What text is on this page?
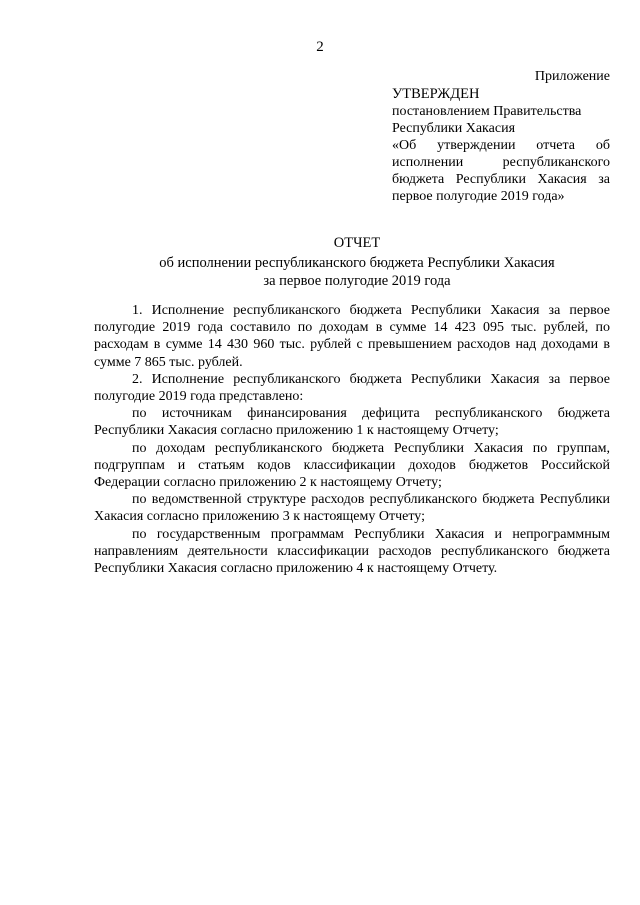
2
Приложение
УТВЕРЖДЕН
постановлением Правительства
Республики Хакасия
«Об утверждении отчета об
исполнении республиканского
бюджета Республики Хакасия за
первое полугодие 2019 года»
ОТЧЕТ
об исполнении республиканского бюджета Республики Хакасия
за первое полугодие 2019 года

1. Исполнение республиканского бюджета Республики Хакасия за первое полугодие 2019 года составило по доходам в сумме 14 423 095 тыс. рублей, по расходам в сумме 14 430 960 тыс. рублей с превышением расходов над доходами в сумме 7 865 тыс. рублей.

2. Исполнение республиканского бюджета Республики Хакасия за первое полугодие 2019 года представлено:

по источникам финансирования дефицита республиканского бюджета Республики Хакасия согласно приложению 1 к настоящему Отчету;

по доходам республиканского бюджета Республики Хакасия по группам, подгруппам и статьям кодов классификации доходов бюджетов Российской Федерации согласно приложению 2 к настоящему Отчету;

по ведомственной структуре расходов республиканского бюджета Республики Хакасия согласно приложению 3 к настоящему Отчету;

по государственным программам Республики Хакасия и непрограммным направлениям деятельности классификации расходов республиканского бюджета Республики Хакасия согласно приложению 4 к настоящему Отчету.
